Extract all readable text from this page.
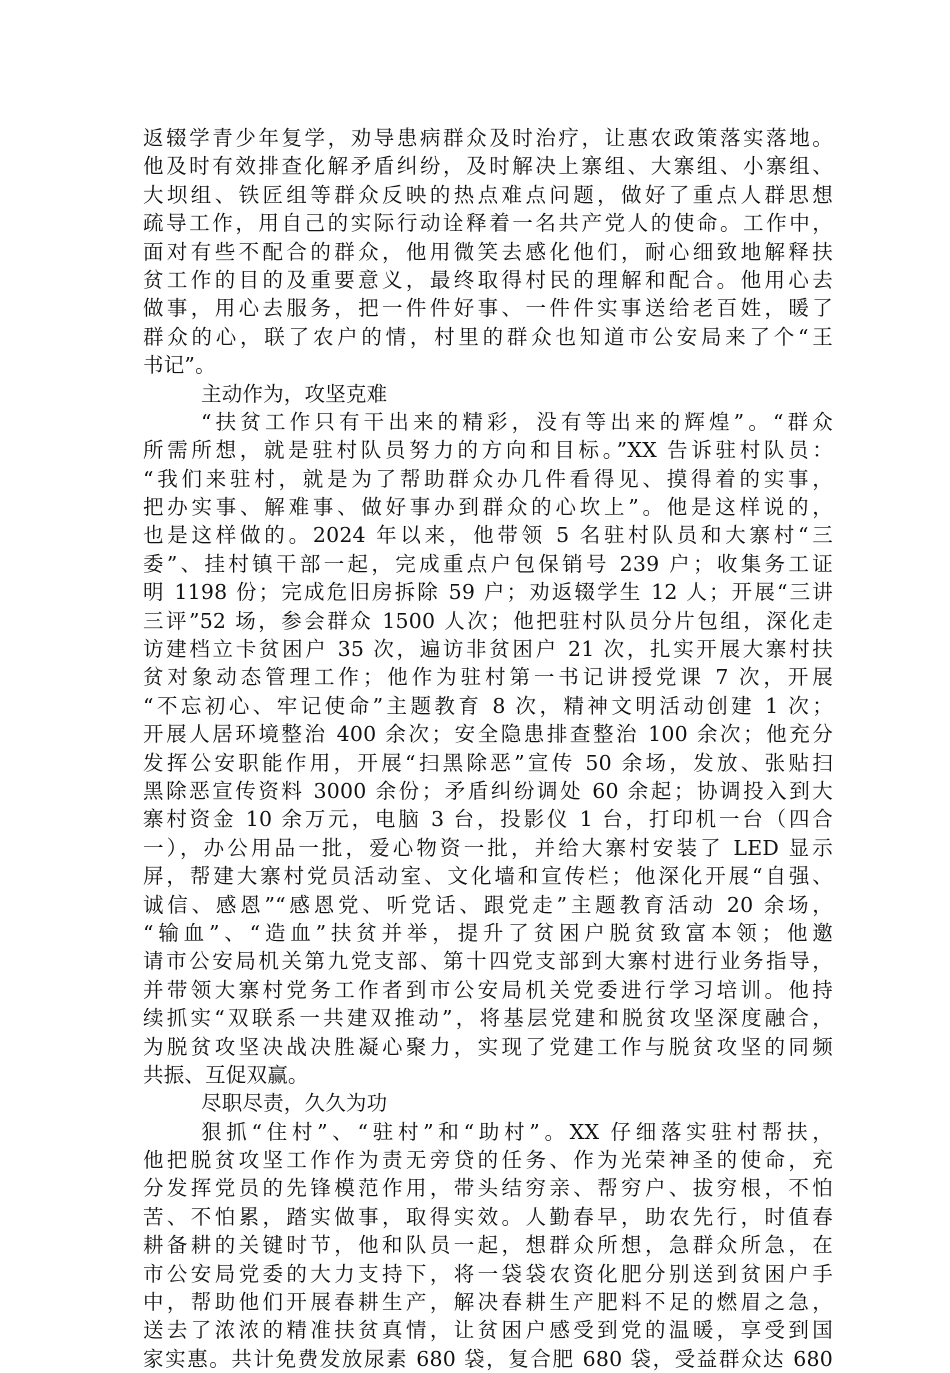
返辍学青少年复学，劝导患病群众及时治疗，让惠农政策落实落地。
他及时有效排查化解矛盾纠纷，及时解决上寨组、大寨组、小寨组、
大坝组、铁匠组等群众反映的热点难点问题，做好了重点人群思想
疏导工作，用自己的实际行动诠释着一名共产党人的使命。工作中，
面对有些不配合的群众，他用微笑去感化他们，耐心细致地解释扶
贫工作的目的及重要意义，最终取得村民的理解和配合。他用心去
做事，用心去服务，把一件件好事、一件件实事送给老百姓，暖了
群众的心，联了农户的情，村里的群众也知道市公安局来了个“王
书记”。
主动作为，攻坚克难
“扶贫工作只有干出来的精彩，没有等出来的辉煌”。“群众
所需所想，就是驻村队员努力的方向和目标。”XX 告诉驻村队员：
“我们来驻村，就是为了帮助群众办几件看得见、摸得着的实事，
把办实事、解难事、做好事办到群众的心坎上”。他是这样说的，
也是这样做的。2024 年以来，他带领 5 名驻村队员和大寨村“三
委”、挂村镇干部一起，完成重点户包保销号 239 户；收集务工证
明 1198 份；完成危旧房拆除 59 户；劝返辍学生 12 人；开展“三讲
三评”52 场，参会群众 1500 人次；他把驻村队员分片包组，深化走
访建档立卡贫困户 35 次，遍访非贫困户 21 次，扎实开展大寨村扶
贫对象动态管理工作；他作为驻村第一书记讲授党课 7 次，开展
“不忘初心、牢记使命”主题教育 8 次，精神文明活动创建 1 次；
开展人居环境整治 400 余次；安全隐患排查整治 100 余次；他充分
发挥公安职能作用，开展“扫黑除恶”宣传 50 余场，发放、张贴扫
黑除恶宣传资料 3000 余份；矛盾纠纷调处 60 余起；协调投入到大
寨村资金 10 余万元，电脑 3 台，投影仪 1 台，打印机一台（四合
一），办公用品一批，爱心物资一批，并给大寨村安装了 LED 显示
屏，帮建大寨村党员活动室、文化墙和宣传栏；他深化开展“自强、
诚信、感恩”“感恩党、听党话、跟党走”主题教育活动 20 余场，
“输血”、“造血”扶贫并举，提升了贫困户脱贫致富本领；他邀
请市公安局机关第九党支部、第十四党支部到大寨村进行业务指导，
并带领大寨村党务工作者到市公安局机关党委进行学习培训。他持
续抓实“双联系一共建双推动”，将基层党建和脱贫攻坚深度融合，
为脱贫攻坚决战决胜凝心聚力，实现了党建工作与脱贫攻坚的同频
共振、互促双赢。
尽职尽责，久久为功
狠抓“住村”、“驻村”和“助村”。XX 仔细落实驻村帮扶，
他把脱贫攻坚工作作为责无旁贷的任务、作为光荣神圣的使命，充
分发挥党员的先锋模范作用，带头结穷亲、帮穷户、拔穷根，不怕
苦、不怕累，踏实做事，取得实效。人勤春早，助农先行，时值春
耕备耕的关键时节，他和队员一起，想群众所想，急群众所急，在
市公安局党委的大力支持下，将一袋袋农资化肥分别送到贫困户手
中，帮助他们开展春耕生产，解决春耕生产肥料不足的燃眉之急，
送去了浓浓的精准扶贫真情，让贫困户感受到党的温暖，享受到国
家实惠。共计免费发放尿素 680 袋，复合肥 680 袋，受益群众达 680
